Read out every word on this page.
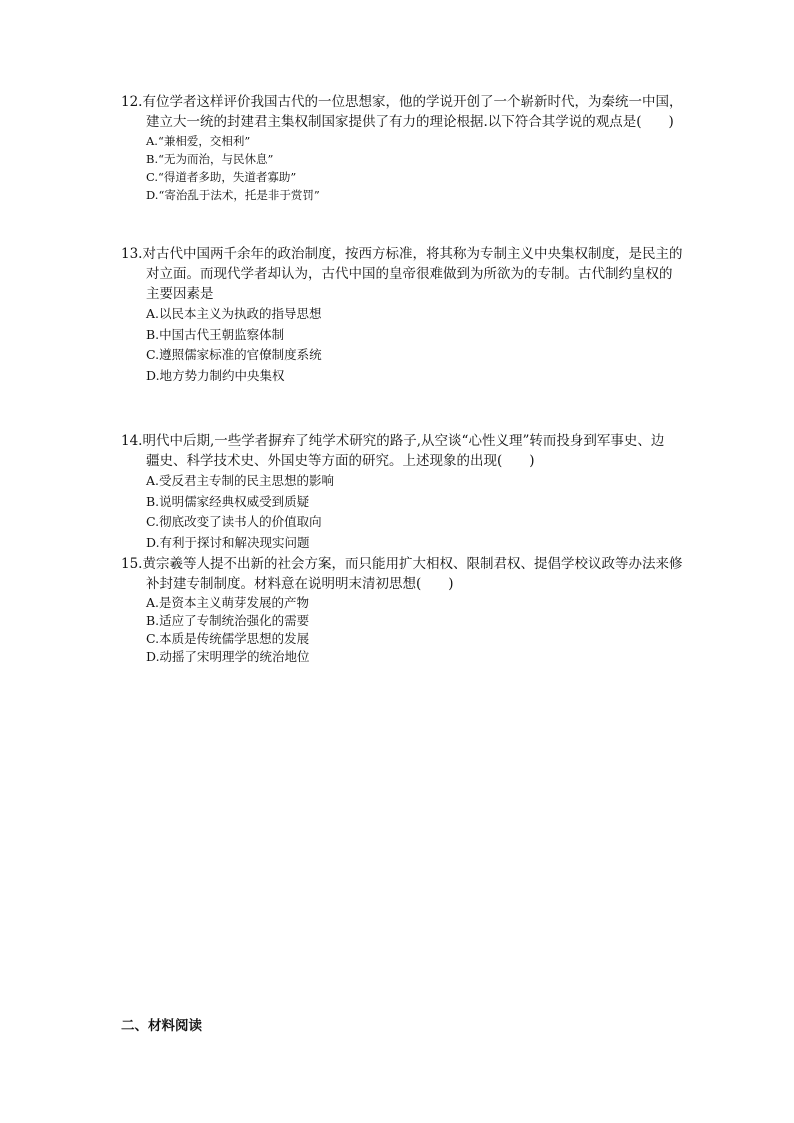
12.有位学者这样评价我国古代的一位思想家，他的学说开创了一个崭新时代，为秦统一中国，
建立大一统的封建君主集权制国家提供了有力的理论根据.以下符合其学说的观点是(　　)
A.“兼相爱，交相利”
B.“无为而治，与民休息”
C.“得道者多助，失道者寡助”
D.“寄治乱于法术，托是非于赏罚”
13.对古代中国两千余年的政治制度，按西方标准，将其称为专制主义中央集权制度，是民主的
对立面。而现代学者却认为，古代中国的皇帝很难做到为所欲为的专制。古代制约皇权的
主要因素是
A.以民本主义为执政的指导思想
B.中国古代王朝监察体制
C.遵照儒家标准的官僚制度系统
D.地方势力制约中央集权
14.明代中后期,一些学者摒弃了纯学术研究的路子,从空谈“心性义理”转而投身到军事史、边
疆史、科学技术史、外国史等方面的研究。上述现象的出现(　　)
A.受反君主专制的民主思想的影响
B.说明儒家经典权威受到质疑
C.彻底改变了读书人的价值取向
D.有利于探讨和解决现实问题
15.黄宗羲等人提不出新的社会方案，而只能用扩大相权、限制君权、提倡学校议政等办法来修
补封建专制制度。材料意在说明明末清初思想(　　)
A.是资本主义萌芽发展的产物
B.适应了专制统治强化的需要
C.本质是传统儒学思想的发展
D.动摇了宋明理学的统治地位
二、材料阅读
